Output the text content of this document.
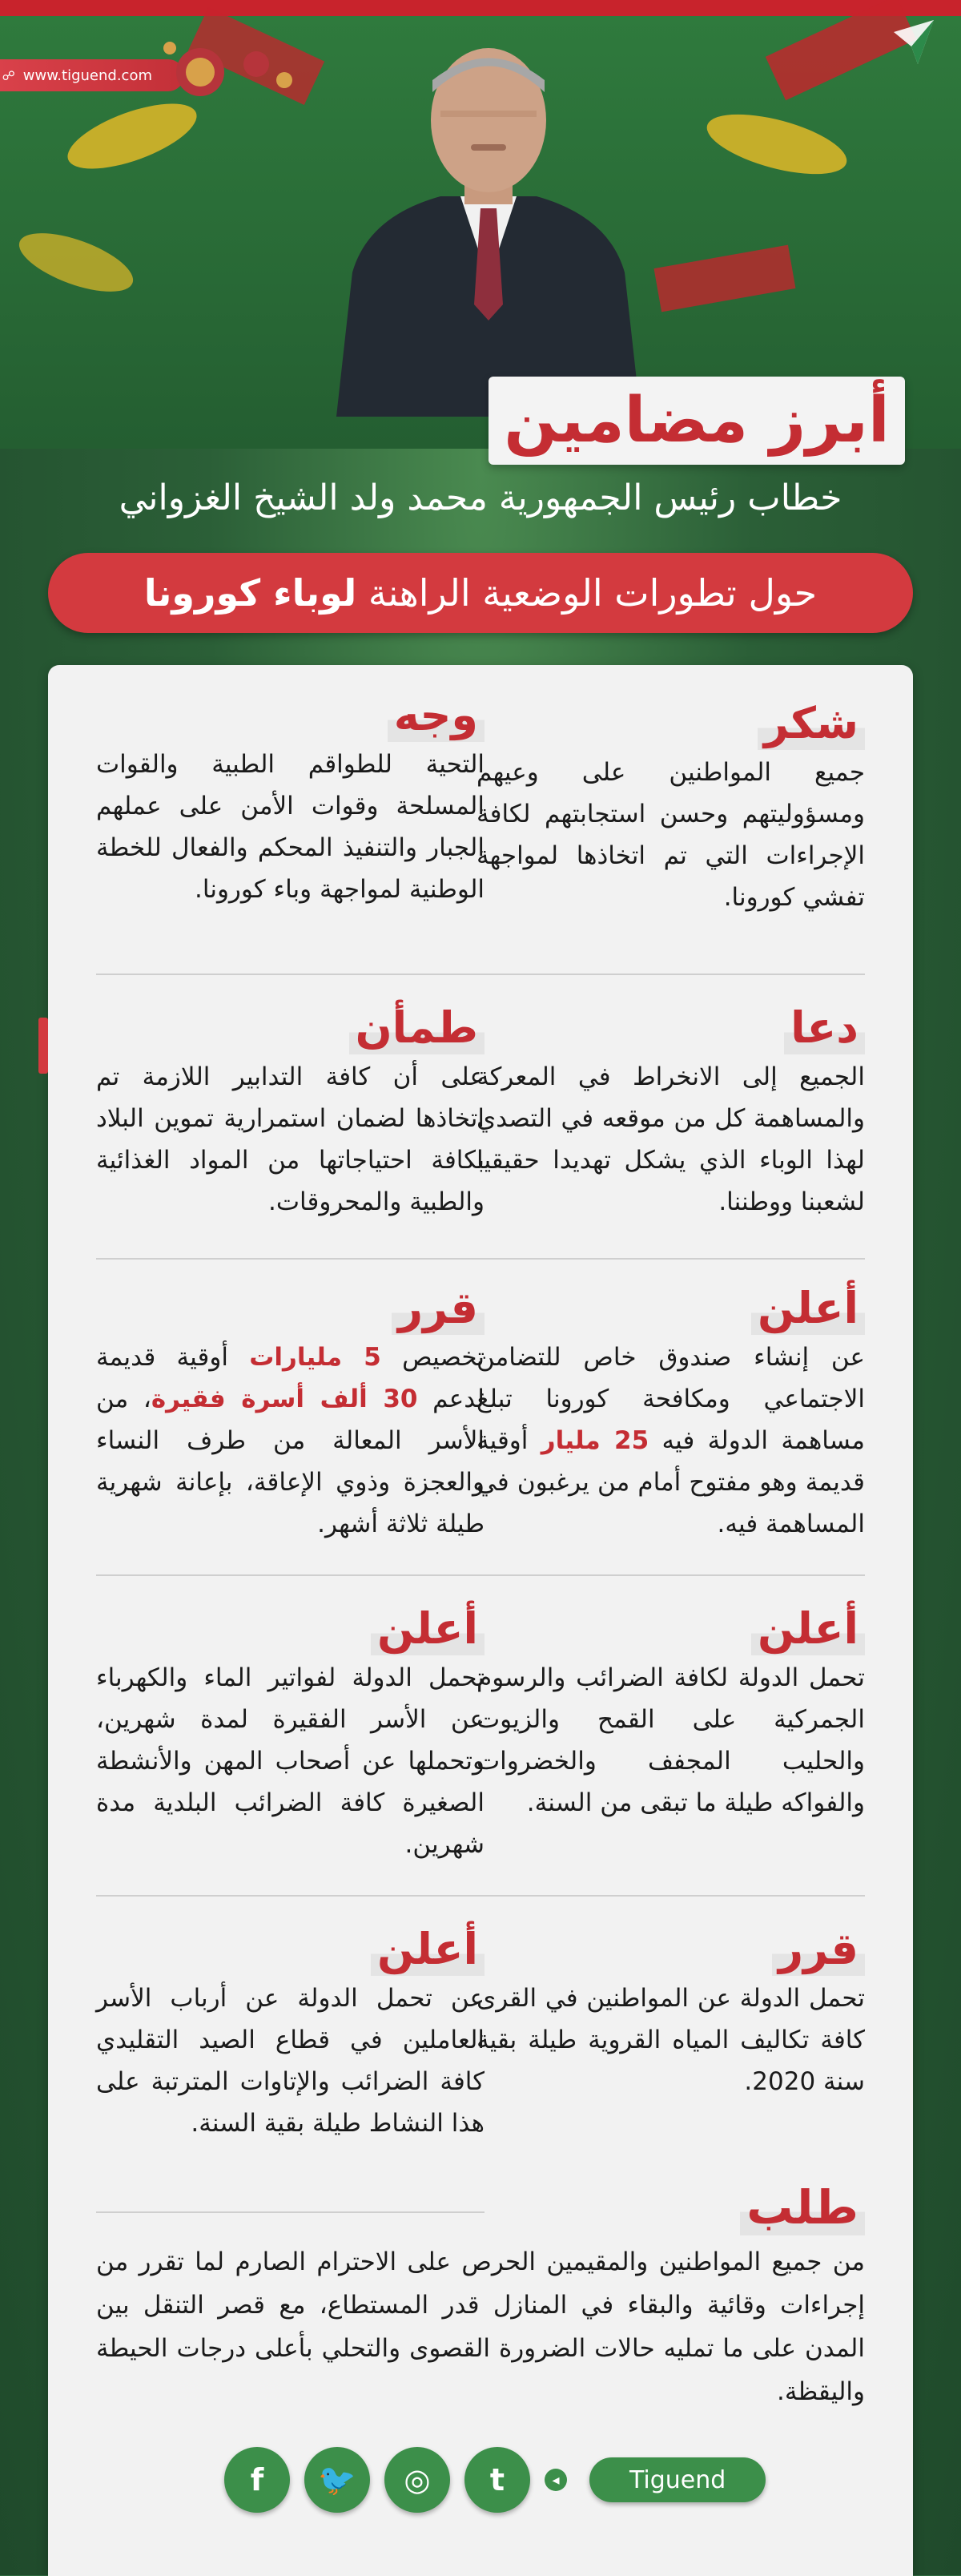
☍ www.tiguend.com
أبرز مضامين
خطاب رئيس الجمهورية محمد ولد الشيخ الغزواني
حول تطورات الوضعية الراهنة لوباء كورونا
شكر

جميع المواطنين على وعيهم ومسؤوليتهم وحسن استجابتهم لكافة الإجراءات التي تم اتخاذها لمواجهة تفشي كورونا.

وجه

التحية للطواقم الطبية والقوات المسلحة وقوات الأمن على عملهم الجبار والتنفيذ المحكم والفعال للخطة الوطنية لمواجهة وباء كورونا.

دعا

الجميع إلى الانخراط في المعركة والمساهمة كل من موقعه في التصدي لهذا الوباء الذي يشكل تهديدا حقيقيا لشعبنا ووطننا.

طمأن

على أن كافة التدابير اللازمة تم اتخاذها لضمان استمرارية تموين البلاد بكافة احتياجاتها من المواد الغذائية والطبية والمحروقات.

أعلن

عن إنشاء صندوق خاص للتضامن الاجتماعي ومكافحة كورونا تبلغ مساهمة الدولة فيه 25 مليار أوقية قديمة وهو مفتوح أمام من يرغبون في المساهمة فيه.

قرر

تخصيص 5 مليارات أوقية قديمة لدعم 30 ألف أسرة فقيرة، من الأسر المعالة من طرف النساء والعجزة وذوي الإعاقة، بإعانة شهرية طيلة ثلاثة أشهر.

أعلن

تحمل الدولة لكافة الضرائب والرسوم الجمركية على القمح والزيوت والحليب المجفف والخضروات والفواكه طيلة ما تبقى من السنة.

أعلن

تحمل الدولة لفواتير الماء والكهرباء عن الأسر الفقيرة لمدة شهرين، وتحملها عن أصحاب المهن والأنشطة الصغيرة كافة الضرائب البلدية مدة شهرين.

قرر

تحمل الدولة عن المواطنين في القرى كافة تكاليف المياه القروية طيلة بقية سنة 2020.

أعلن

عن تحمل الدولة عن أرباب الأسر العاملين في قطاع الصيد التقليدي كافة الضرائب والإتاوات المترتبة على هذا النشاط طيلة بقية السنة.

طلب

من جميع المواطنين والمقيمين الحرص على الاحترام الصارم لما تقرر من إجراءات وقائية والبقاء في المنازل قدر المستطاع، مع قصر التنقل بين المدن على ما تمليه حالات الضرورة القصوى والتحلي بأعلى درجات الحيطة واليقظة.

f	🐦	◎	t	◂	Tiguend
